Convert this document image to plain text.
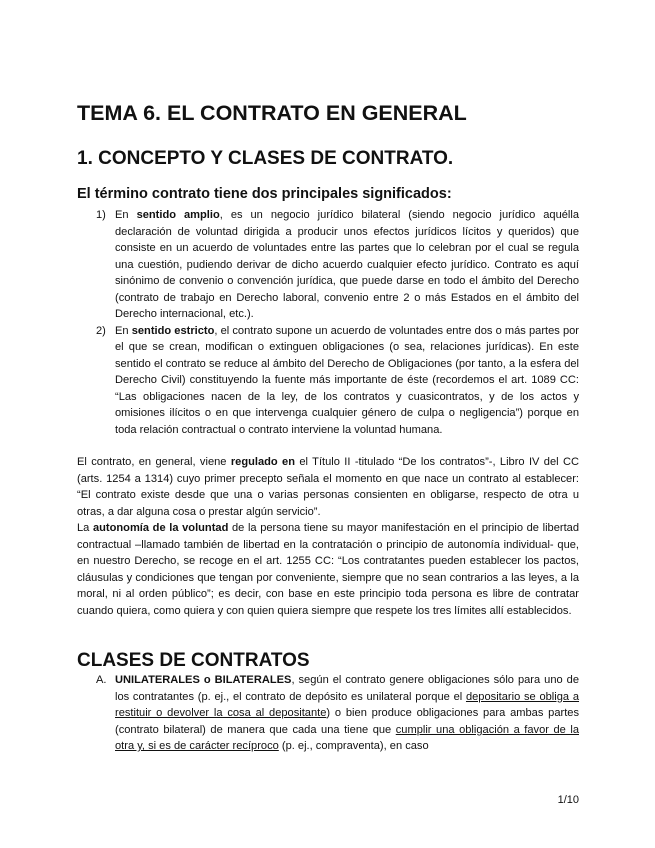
TEMA 6. EL CONTRATO EN GENERAL
1. CONCEPTO Y CLASES DE CONTRATO.
El término contrato tiene dos principales significados:
1) En sentido amplio, es un negocio jurídico bilateral (siendo negocio jurídico aquélla declaración de voluntad dirigida a producir unos efectos jurídicos lícitos y queridos) que consiste en un acuerdo de voluntades entre las partes que lo celebran por el cual se regula una cuestión, pudiendo derivar de dicho acuerdo cualquier efecto jurídico. Contrato es aquí sinónimo de convenio o convención jurídica, que puede darse en todo el ámbito del Derecho (contrato de trabajo en Derecho laboral, convenio entre 2 o más Estados en el ámbito del Derecho internacional, etc.).
2) En sentido estricto, el contrato supone un acuerdo de voluntades entre dos o más partes por el que se crean, modifican o extinguen obligaciones (o sea, relaciones jurídicas). En este sentido el contrato se reduce al ámbito del Derecho de Obligaciones (por tanto, a la esfera del Derecho Civil) constituyendo la fuente más importante de éste (recordemos el art. 1089 CC: “Las obligaciones nacen de la ley, de los contratos y cuasicontratos, y de los actos y omisiones ilícitos o en que intervenga cualquier género de culpa o negligencia”) porque en toda relación contractual o contrato interviene la voluntad humana.

El contrato, en general, viene regulado en el Título II -titulado “De los contratos”-, Libro IV del CC (arts. 1254 a 1314) cuyo primer precepto señala el momento en que nace un contrato al establecer: “El contrato existe desde que una o varias personas consienten en obligarse, respecto de otra u otras, a dar alguna cosa o prestar algún servicio”.

La autonomía de la voluntad de la persona tiene su mayor manifestación en el principio de libertad contractual –llamado también de libertad en la contratación o principio de autonomía individual- que, en nuestro Derecho, se recoge en el art. 1255 CC: “Los contratantes pueden establecer los pactos, cláusulas y condiciones que tengan por conveniente, siempre que no sean contrarios a las leyes, a la moral, ni al orden público”; es decir, con base en este principio toda persona es libre de contratar cuando quiera, como quiera y con quien quiera siempre que respete los tres límites allí establecidos.

CLASES DE CONTRATOS
A. UNILATERALES o BILATERALES, según el contrato genere obligaciones sólo para uno de los contratantes (p. ej., el contrato de depósito es unilateral porque el depositario se obliga a restituir o devolver la cosa al depositante) o bien produce obligaciones para ambas partes (contrato bilateral) de manera que cada una tiene que cumplir una obligación a favor de la otra y, si es de carácter recíproco (p. ej., compraventa), en caso
1/10
